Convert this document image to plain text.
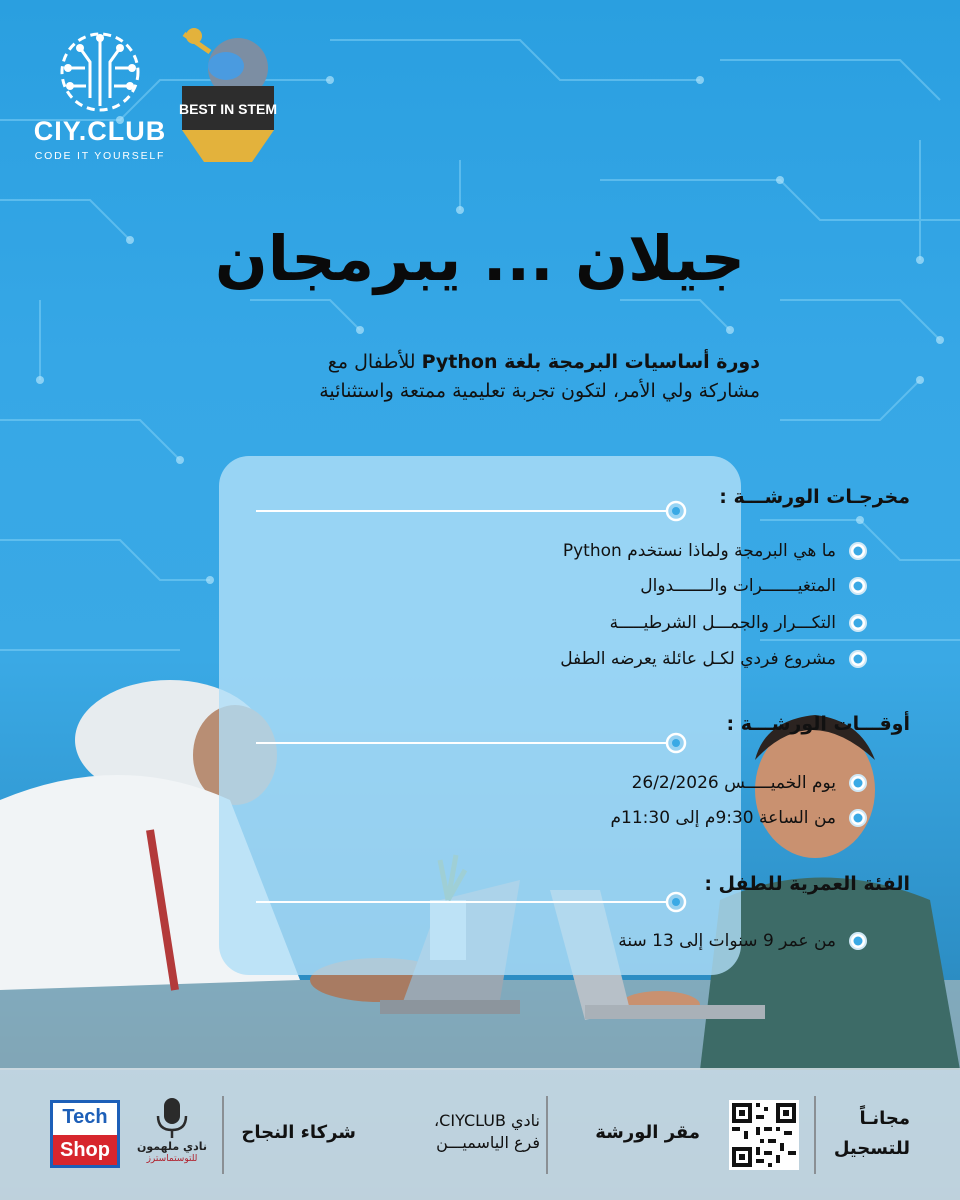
CIY.CLUB
CODE IT YOURSELF
BEST IN STEM
جيلان ... يبرمجان
دورة أساسيات البرمجة بلغة Python للأطفال مع
مشاركة ولي الأمر، لتكون تجربة تعليمية ممتعة واستثنائية
مخرجـات الورشـــة :
ما هي البرمجة ولماذا نستخدم Python
المتغيـــــــرات والـــــــدوال
التكـــرار والجمـــل الشرطيـــــة
مشروع فردي لكـل عائلة يعرضه الطفل
أوقـــات الورشـــة :
يوم الخميـــــس 26/2/2026
من الساعة 9:30م إلى 11:30م
الفئة العمرية للطفل :
من عمر 9 سنوات إلى 13 سنة
مجانـاً
للتسجيل
مقر الورشة
نادي CIYCLUB،
فرع الياسميـــن
شركاء النجاح
نادي ملهمون
للتوستماسترز
Tech
Shop
